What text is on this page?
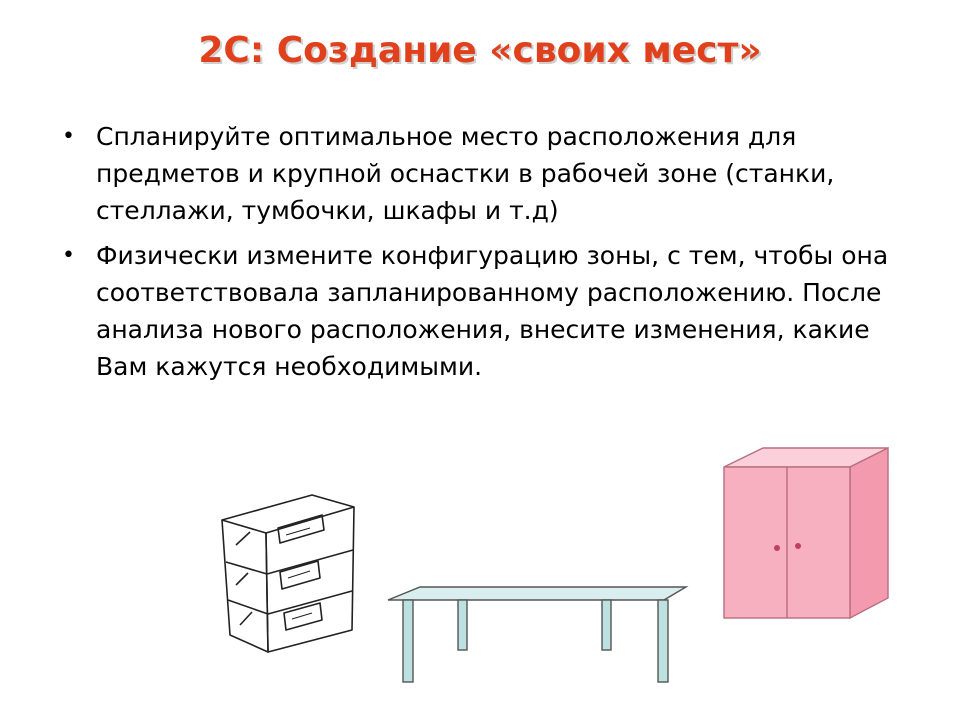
2С: Создание «своих мест»
• Спланируйте оптимальное место расположения для предметов и крупной оснастки в рабочей зоне (станки, стеллажи, тумбочки, шкафы и т.д)
• Физически измените конфигурацию зоны, с тем, чтобы она соответствовала запланированному расположению. После анализа нового расположения, внесите изменения, какие Вам кажутся необходимыми.
